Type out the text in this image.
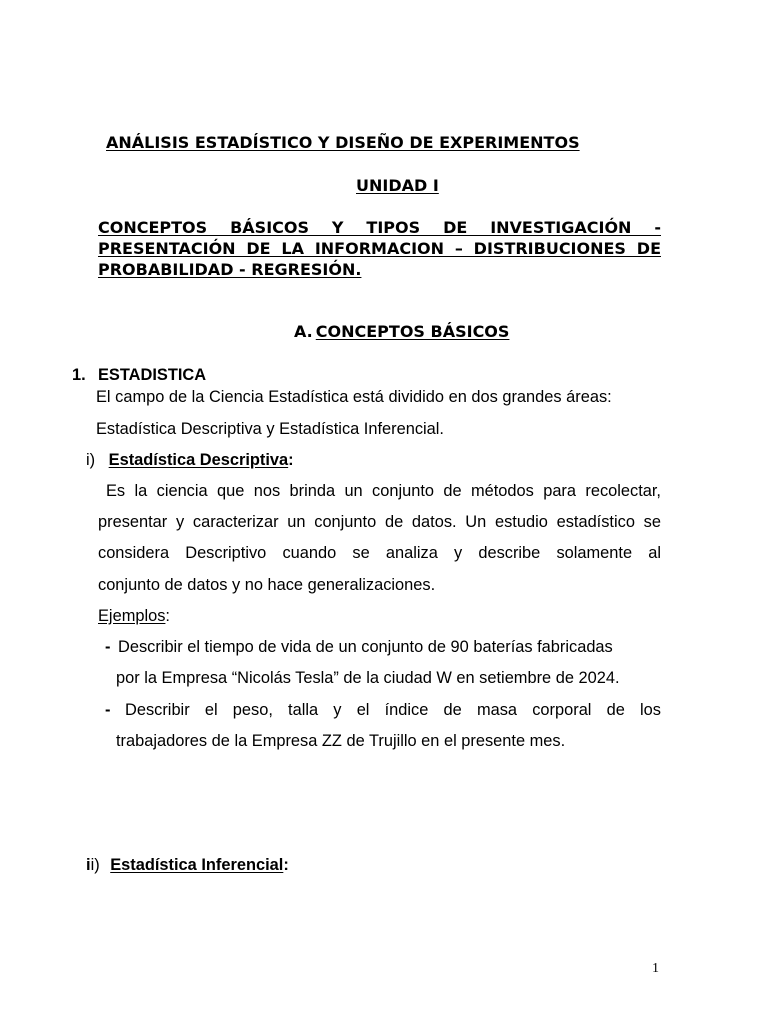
ANÁLISIS ESTADÍSTICO Y DISEÑO DE EXPERIMENTOS
UNIDAD I
CONCEPTOS BÁSICOS Y TIPOS DE INVESTIGACIÓN - PRESENTACIÓN DE LA INFORMACION – DISTRIBUCIONES DE PROBABILIDAD - REGRESIÓN.
A. CONCEPTOS BÁSICOS
1. ESTADISTICA
El campo de la Ciencia Estadística está dividido en dos grandes áreas:
Estadística Descriptiva y Estadística Inferencial.
i) Estadística Descriptiva:
Es la ciencia que nos brinda un conjunto de métodos para recolectar,
presentar y caracterizar un conjunto de datos. Un estudio estadístico se
considera Descriptivo cuando se analiza y describe solamente al
conjunto de datos y no hace generalizaciones.
Ejemplos:
- Describir el tiempo de vida de un conjunto de 90 baterías fabricadas
por la Empresa “Nicolás Tesla” de la ciudad W en setiembre de 2024.
- Describir el peso, talla y el índice de masa corporal de los
trabajadores de la Empresa ZZ de Trujillo en el presente mes.
ii) Estadística Inferencial:
1
